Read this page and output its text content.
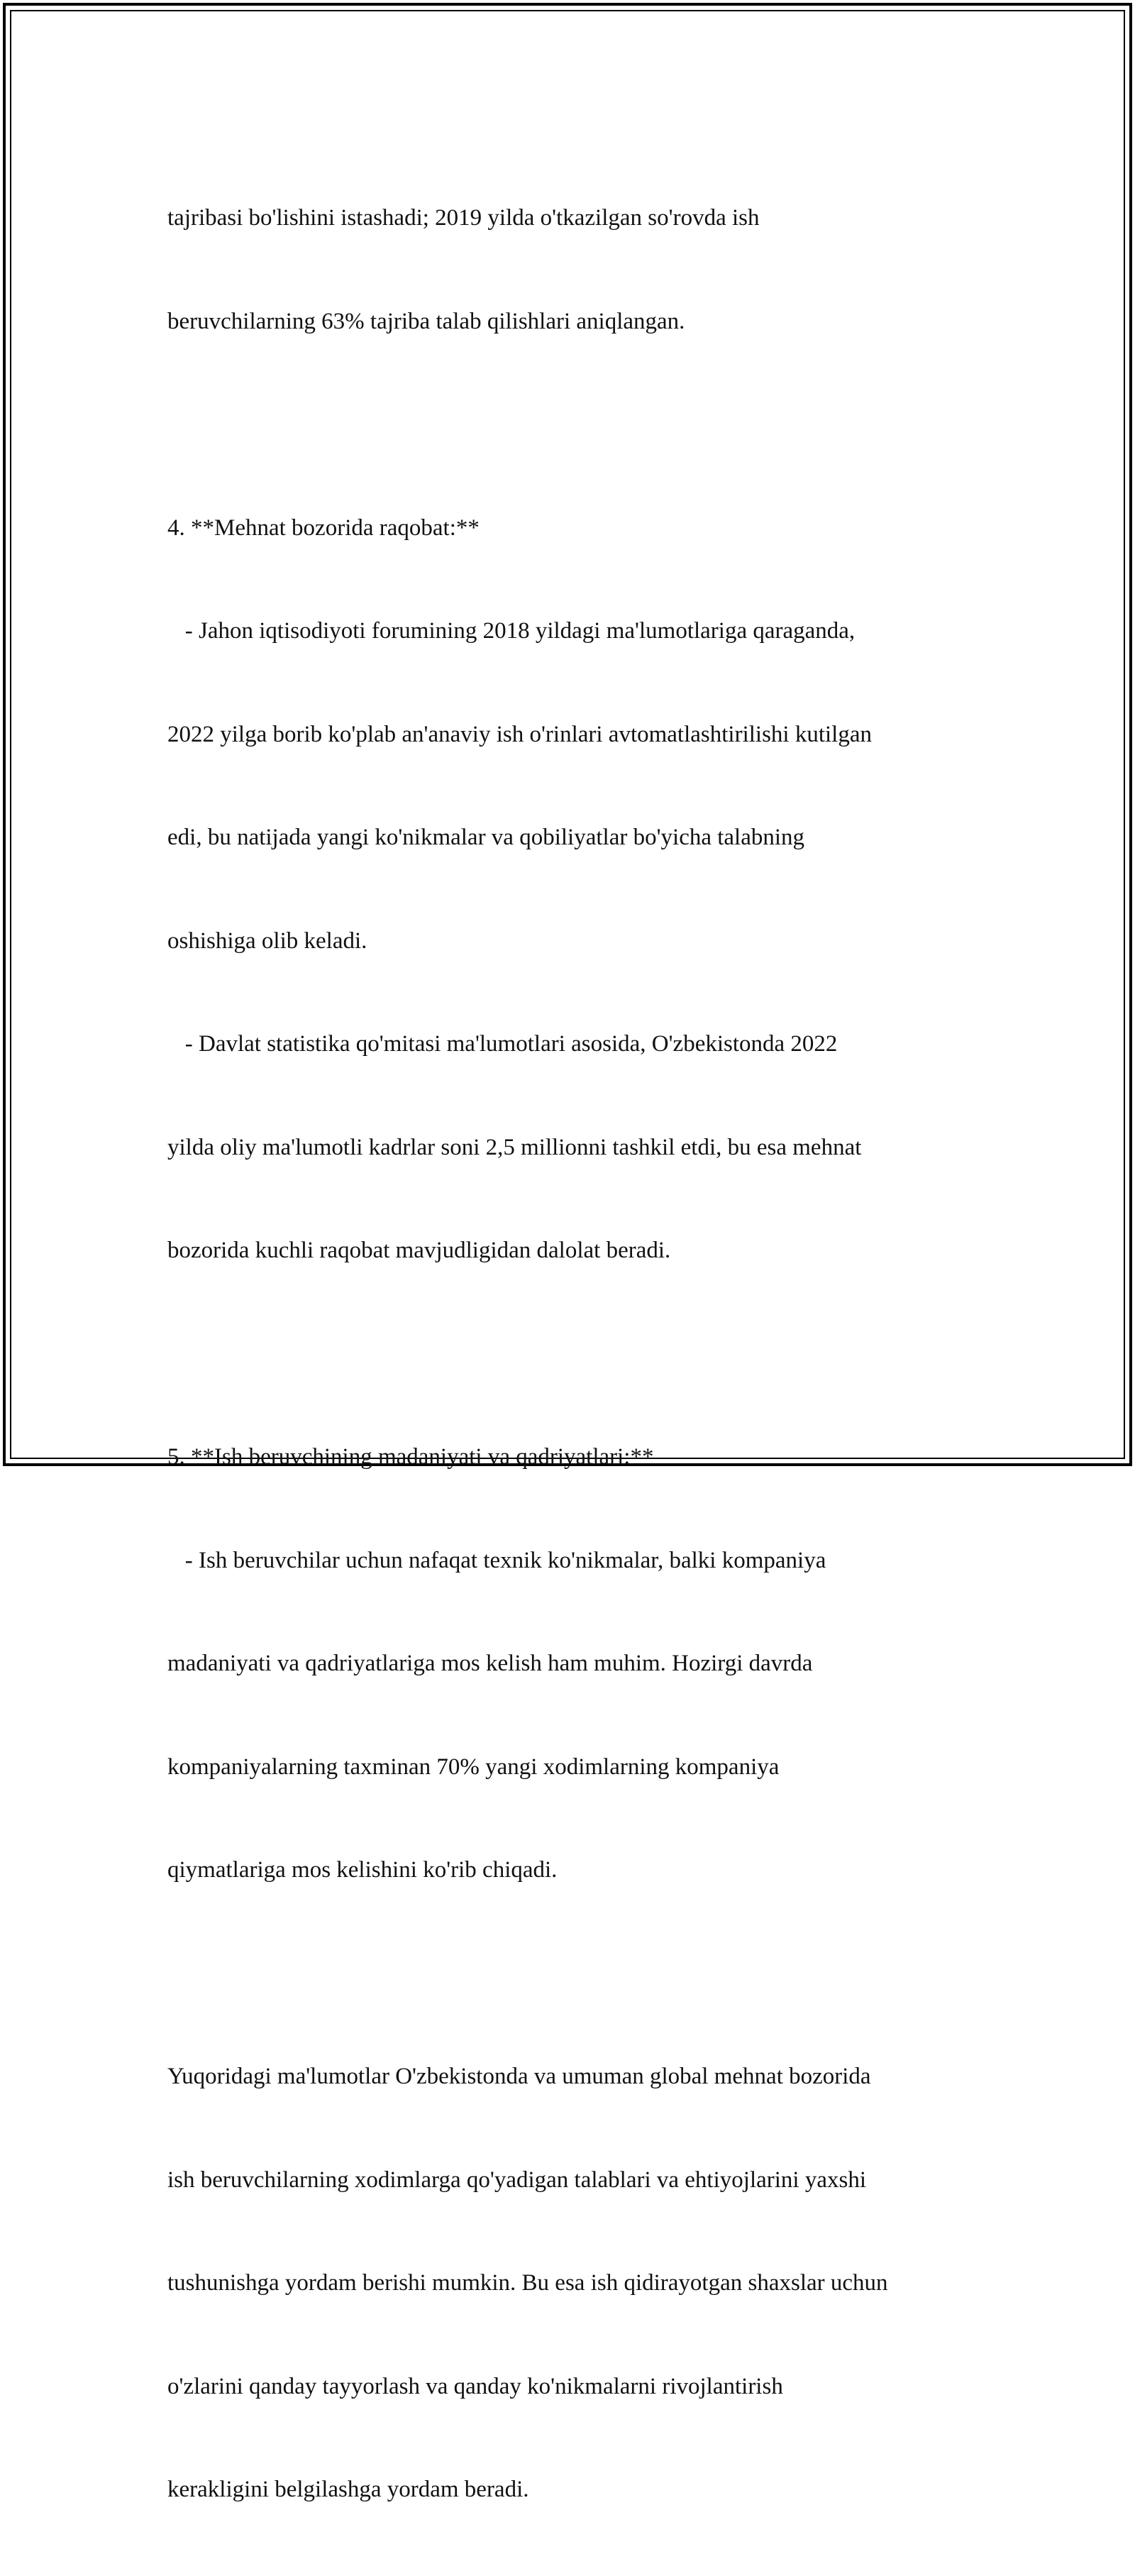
tajribasi bo'lishini istashadi; 2019 yilda o'tkazilgan so'rovda ish

beruvchilarning 63% tajriba talab qilishlari aniqlangan.

4. **Mehnat bozorida raqobat:**

- Jahon iqtisodiyoti forumining 2018 yildagi ma'lumotlariga qaraganda,

2022 yilga borib ko'plab an'anaviy ish o'rinlari avtomatlashtirilishi kutilgan

edi, bu natijada yangi ko'nikmalar va qobiliyatlar bo'yicha talabning

oshishiga olib keladi.

- Davlat statistika qo'mitasi ma'lumotlari asosida, O'zbekistonda 2022

yilda oliy ma'lumotli kadrlar soni 2,5 millionni tashkil etdi, bu esa mehnat

bozorida kuchli raqobat mavjudligidan dalolat beradi.

5. **Ish beruvchining madaniyati va qadriyatlari:**

- Ish beruvchilar uchun nafaqat texnik ko'nikmalar, balki kompaniya

madaniyati va qadriyatlariga mos kelish ham muhim. Hozirgi davrda

kompaniyalarning taxminan 70% yangi xodimlarning kompaniya

qiymatlariga mos kelishini ko'rib chiqadi.

Yuqoridagi ma'lumotlar O'zbekistonda va umuman global mehnat bozorida

ish beruvchilarning xodimlarga qo'yadigan talablari va ehtiyojlarini yaxshi

tushunishga yordam berishi mumkin. Bu esa ish qidirayotgan shaxslar uchun

o'zlarini qanday tayyorlash va qanday ko'nikmalarni rivojlantirish

kerakligini belgilashga yordam beradi.
